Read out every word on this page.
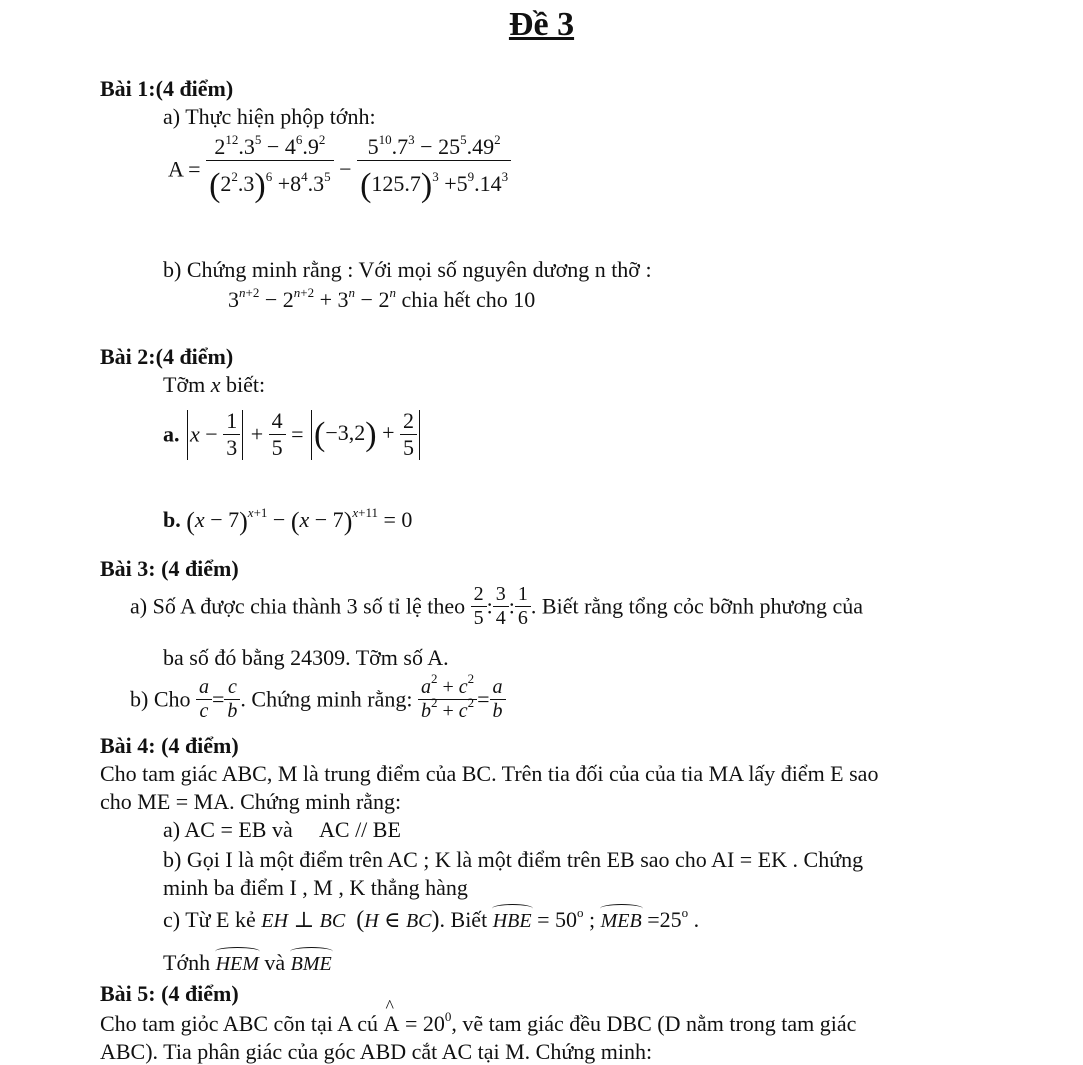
Đề 3
Bài 1:(4 điểm)
a) Thực hiện phộp tớnh:
$A = \frac{2^{12}.3^5 - 4^6.9^2}{(2^2.3)^6 +8^4.3^5} - \frac{5^{10}.7^3 - 25^5.49^2}{(125.7)^3 +5^9.14^3}$
b) Chứng minh rằng : Với mọi số nguyên dương n thỡ :
$3^{n+2} - 2^{n+2} + 3^n - 2^n$ chia hết cho 10
Bài 2:(4 điểm)
Tỡm x biết:
a. $x - \frac{1}{3} + \frac{4}{5} = (-3,2) + \frac{2}{5}$
b. $(x - 7)^{x+1} - (x - 7)^{x+11} = 0$
Bài 3: (4 điểm)
a) Số A được chia thành 3 số tỉ lệ theo $\frac{2}{5}$ : $\frac{3}{4}$ : $\frac{1}{6}$ . Biết rằng tổng cỏc bỡnh phương của
ba số đó bằng 24309. Tỡm số A.
b) Cho $\frac{a}{c} = \frac{c}{b}$ . Chứng minh rằng: $\frac{a^2 + c^2}{b^2 + c^2} = \frac{a}{b}$
Bài 4: (4 điểm)
Cho tam giác ABC, M là trung điểm của BC. Trên tia đối của của tia MA lấy điểm E sao
cho ME = MA. Chứng minh rằng:
a) AC = EB và     AC // BE
b) Gọi I là một điểm trên AC ; K là một điểm trên EB sao cho AI = EK . Chứng
minh ba điểm I , M , K thẳng hàng
c) Từ E kẻ EH ⊥ BC (H ∈ BC). Biết HBE = $50^o$ ; MEB $=25^o$ .
Tớnh HEM và BME
Bài 5: (4 điểm)
Cho tam giỏc ABC cõn tại A cú ^ $A = 20^0$, vẽ tam giác đều DBC (D nằm trong tam giác
ABC). Tia phân giác của góc ABD cắt AC tại M. Chứng minh:
